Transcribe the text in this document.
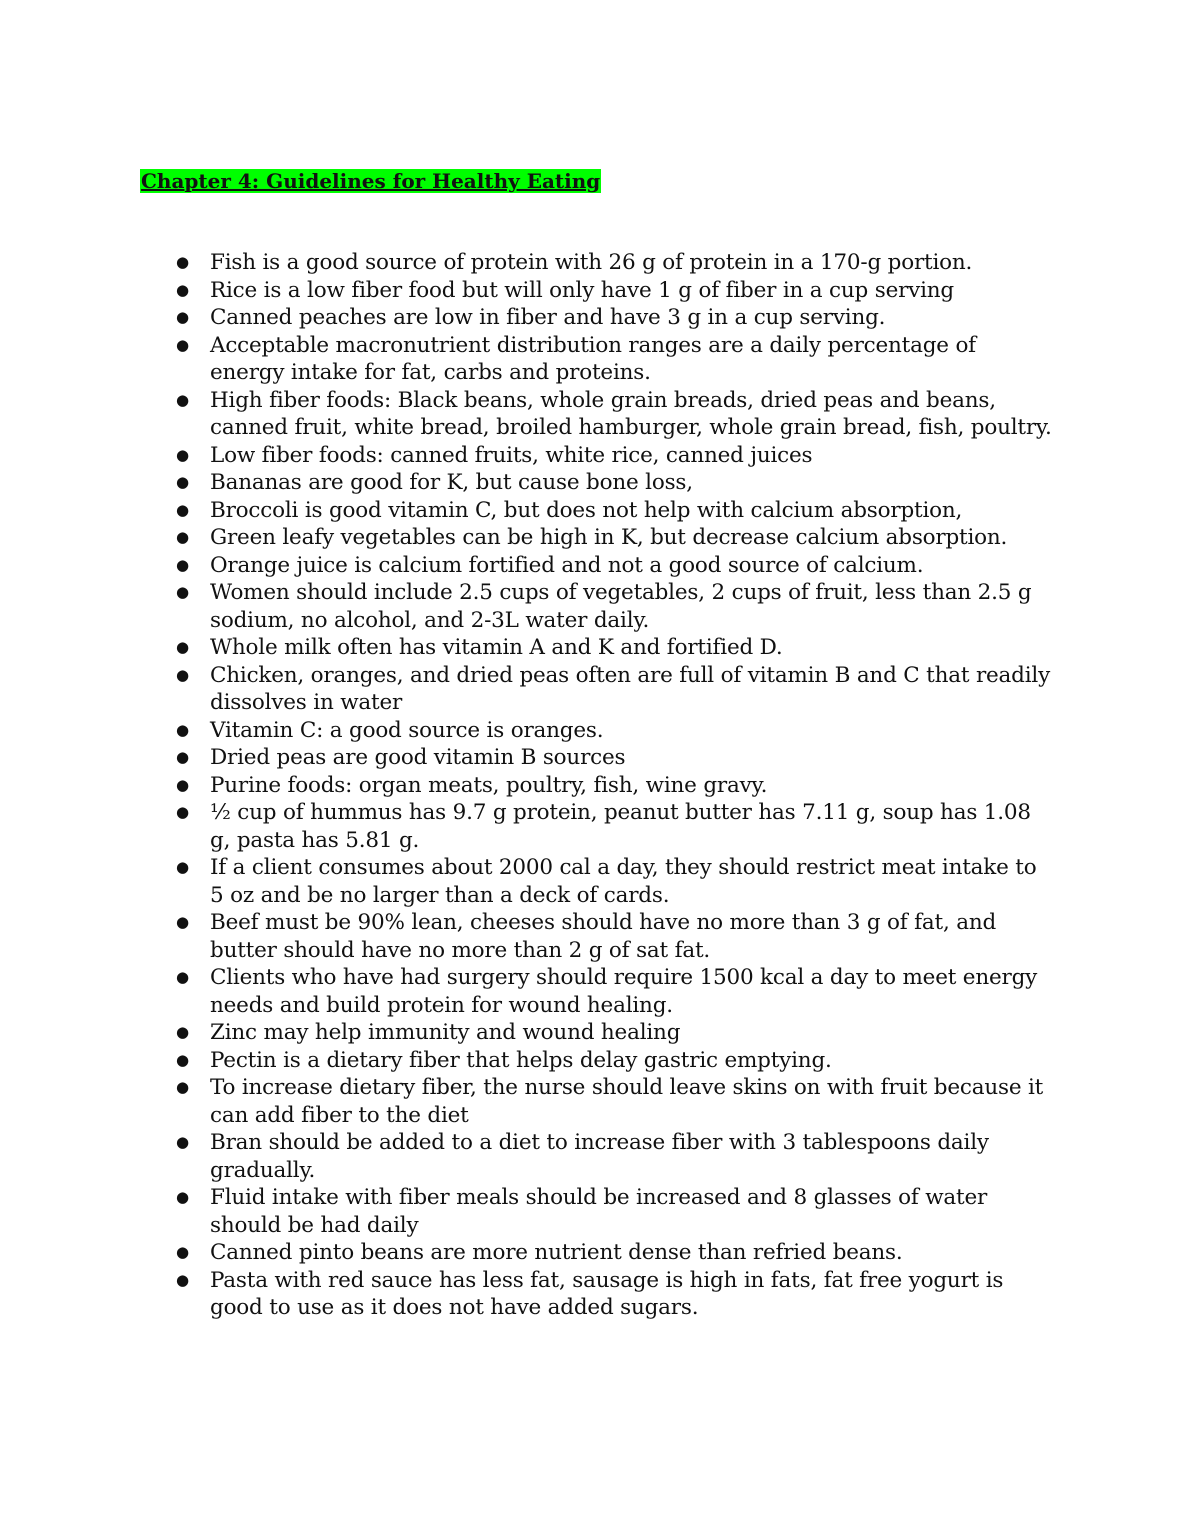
Chapter 4: Guidelines for Healthy Eating
● Fish is a good source of protein with 26 g of protein in a 170-g portion.
● Rice is a low fiber food but will only have 1 g of fiber in a cup serving
● Canned peaches are low in fiber and have 3 g in a cup serving.
● Acceptable macronutrient distribution ranges are a daily percentage of energy intake for fat, carbs and proteins.
● High fiber foods: Black beans, whole grain breads, dried peas and beans, canned fruit, white bread, broiled hamburger, whole grain bread, fish, poultry.
● Low fiber foods: canned fruits, white rice, canned juices
● Bananas are good for K, but cause bone loss,
● Broccoli is good vitamin C, but does not help with calcium absorption,
● Green leafy vegetables can be high in K, but decrease calcium absorption.
● Orange juice is calcium fortified and not a good source of calcium.
● Women should include 2.5 cups of vegetables, 2 cups of fruit, less than 2.5 g sodium, no alcohol, and 2-3L water daily.
● Whole milk often has vitamin A and K and fortified D.
● Chicken, oranges, and dried peas often are full of vitamin B and C that readily dissolves in water
● Vitamin C: a good source is oranges.
● Dried peas are good vitamin B sources
● Purine foods: organ meats, poultry, fish, wine gravy.
● ½ cup of hummus has 9.7 g protein, peanut butter has 7.11 g, soup has 1.08 g, pasta has 5.81 g.
● If a client consumes about 2000 cal a day, they should restrict meat intake to 5 oz and be no larger than a deck of cards.
● Beef must be 90% lean, cheeses should have no more than 3 g of fat, and butter should have no more than 2 g of sat fat.
● Clients who have had surgery should require 1500 kcal a day to meet energy needs and build protein for wound healing.
● Zinc may help immunity and wound healing
● Pectin is a dietary fiber that helps delay gastric emptying.
● To increase dietary fiber, the nurse should leave skins on with fruit because it can add fiber to the diet
● Bran should be added to a diet to increase fiber with 3 tablespoons daily gradually.
● Fluid intake with fiber meals should be increased and 8 glasses of water should be had daily
● Canned pinto beans are more nutrient dense than refried beans.
● Pasta with red sauce has less fat, sausage is high in fats, fat free yogurt is good to use as it does not have added sugars.
